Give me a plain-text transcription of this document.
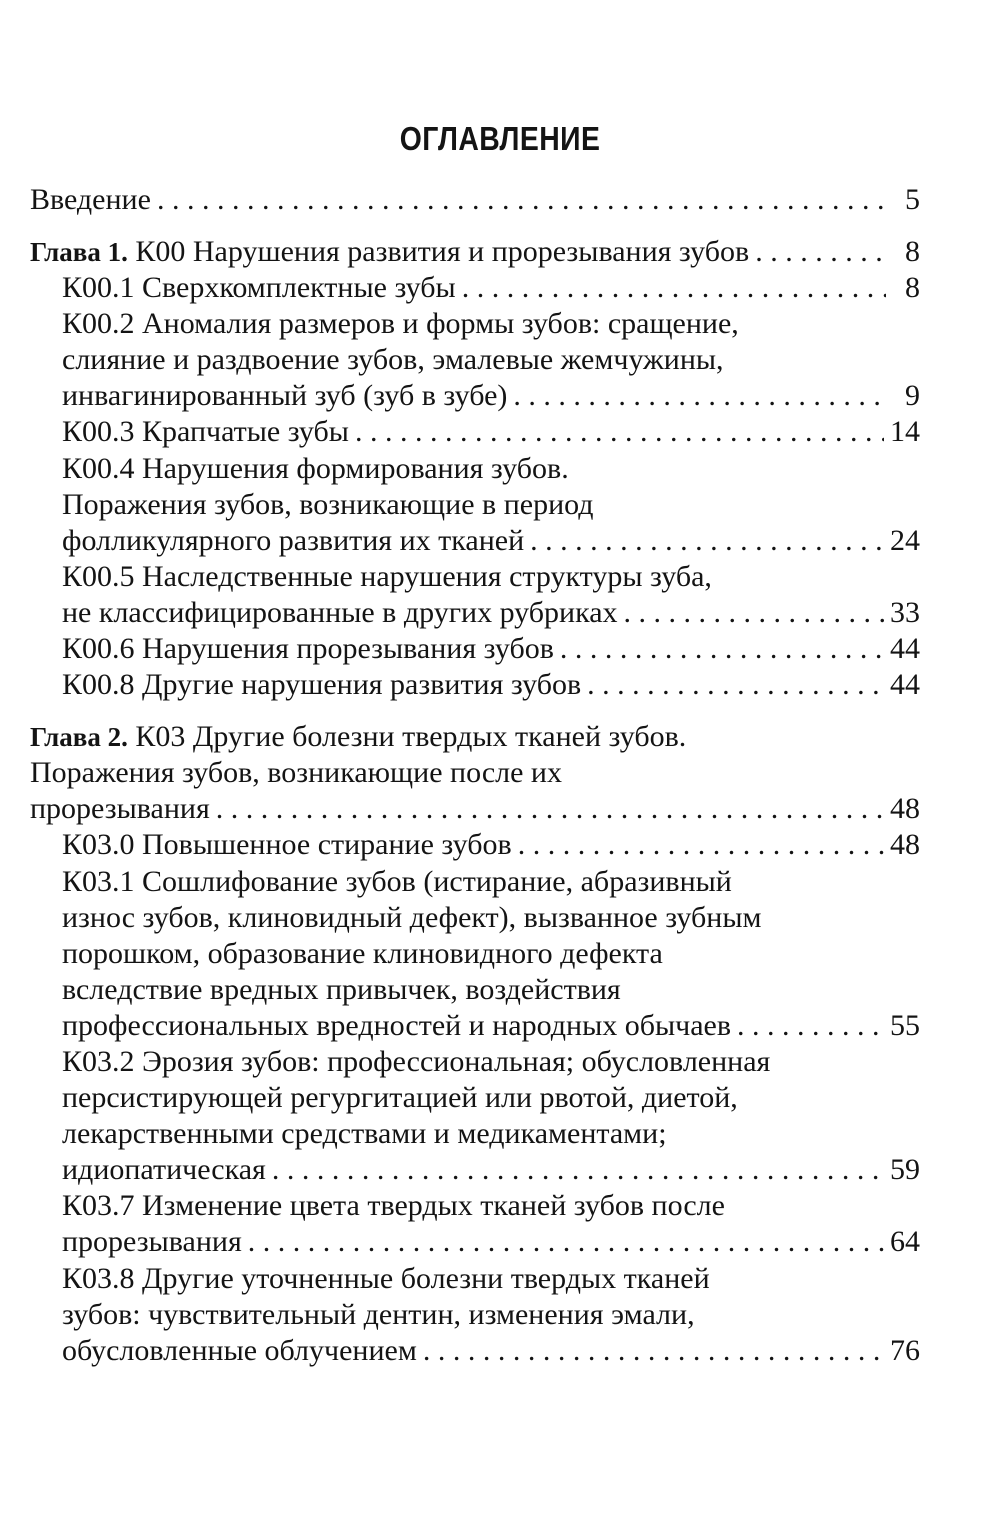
ОГЛАВЛЕНИЕ
Введение . . .	5
Глава 1. К00 Нарушения развития и прорезывания зубов . . .	8
К00.1 Сверхкомплектные зубы . . .	8
К00.2 Аномалия размеров и формы зубов: сращение,
слияние и раздвоение зубов, эмалевые жемчужины,
инвагинированный зуб (зуб в зубе) . . .	9
К00.3 Крапчатые зубы . . .	14
К00.4 Нарушения формирования зубов.
Поражения зубов, возникающие в период
фолликулярного развития их тканей . . .	24
К00.5 Наследственные нарушения структуры зуба,
не классифицированные в других рубриках . . .	33
К00.6 Нарушения прорезывания зубов . . .	44
К00.8 Другие нарушения развития зубов . . .	44
Глава 2. К03 Другие болезни твердых тканей зубов.
Поражения зубов, возникающие после их
прорезывания . . .	48
К03.0 Повышенное стирание зубов . . .	48
К03.1 Сошлифование зубов (истирание, абразивный
износ зубов, клиновидный дефект), вызванное зубным
порошком, образование клиновидного дефекта
вследствие вредных привычек, воздействия
профессиональных вредностей и народных обычаев . . .	55
К03.2 Эрозия зубов: профессиональная; обусловленная
персистирующей регургитацией или рвотой, диетой,
лекарственными средствами и медикаментами;
идиопатическая . . .	59
К03.7 Изменение цвета твердых тканей зубов после
прорезывания . . .	64
К03.8 Другие уточненные болезни твердых тканей
зубов: чувствительный дентин, изменения эмали,
обусловленные облучением . . .	76
